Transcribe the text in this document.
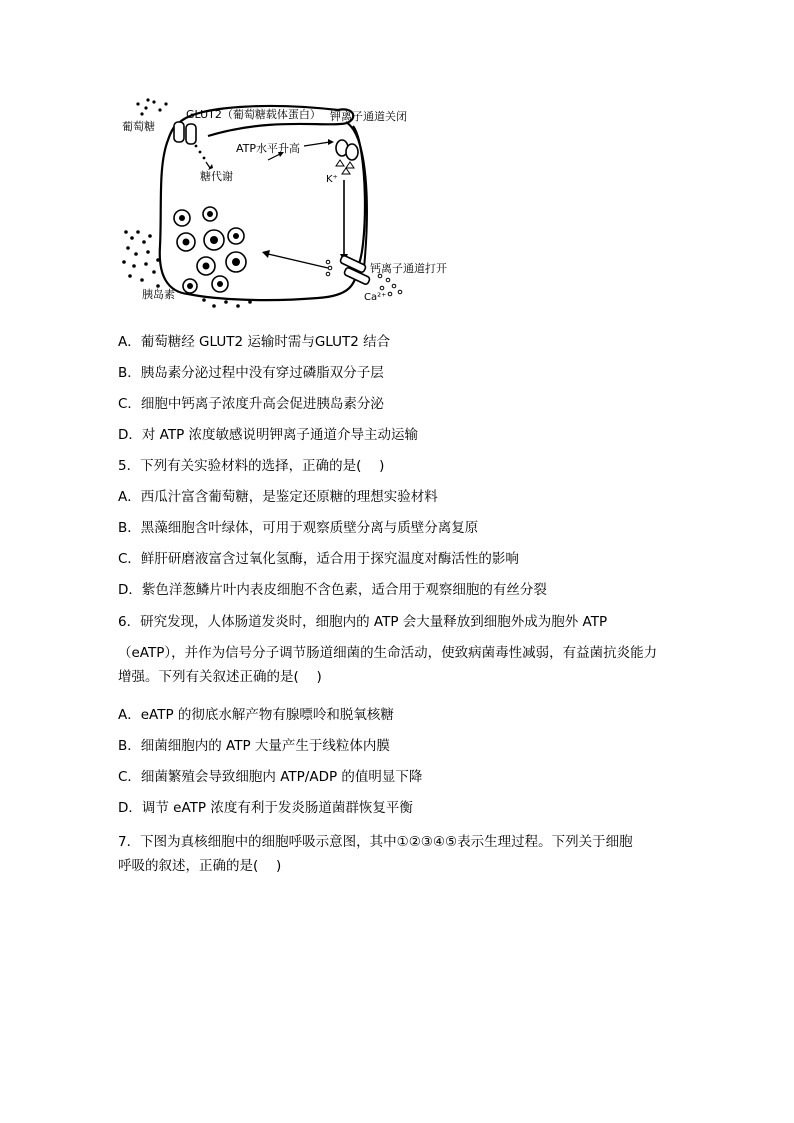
GLUT2（葡萄糖载体蛋白）
葡萄糖
糖代谢
ATP水平升高
钾离子通道关闭
K⁺
钙离子通道打开
Ca²⁺
胰岛素
A．葡萄糖经 GLUT2 运输时需与GLUT2 结合
B．胰岛素分泌过程中没有穿过磷脂双分子层
C．细胞中钙离子浓度升高会促进胰岛素分泌
D．对 ATP 浓度敏感说明钾离子通道介导主动运输
5．下列有关实验材料的选择，正确的是(　 )
A．西瓜汁富含葡萄糖，是鉴定还原糖的理想实验材料
B．黑藻细胞含叶绿体，可用于观察质壁分离与质壁分离复原
C．鲜肝研磨液富含过氧化氢酶，适合用于探究温度对酶活性的影响
D．紫色洋葱鳞片叶内表皮细胞不含色素，适合用于观察细胞的有丝分裂
6．研究发现，人体肠道发炎时，细胞内的 ATP 会大量释放到细胞外成为胞外 ATP
（eATP），并作为信号分子调节肠道细菌的生命活动，使致病菌毒性减弱，有益菌抗炎能力
增强。下列有关叙述正确的是(　 )
A．eATP 的彻底水解产物有腺嘌呤和脱氧核糖
B．细菌细胞内的 ATP 大量产生于线粒体内膜
C．细菌繁殖会导致细胞内 ATP/ADP 的值明显下降
D．调节 eATP 浓度有利于发炎肠道菌群恢复平衡
7．下图为真核细胞中的细胞呼吸示意图，其中①②③④⑤表示生理过程。下列关于细胞
呼吸的叙述，正确的是(　 )
